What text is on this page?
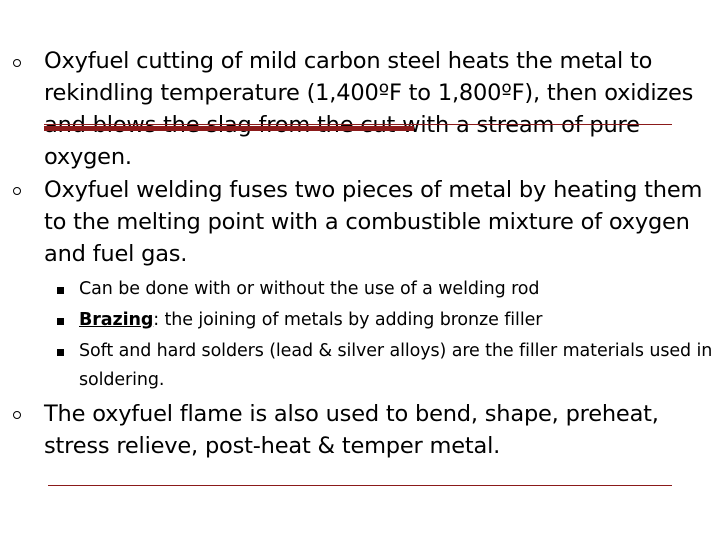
Oxyfuel cutting of mild carbon steel heats the metal to rekindling temperature (1,400ºF to 1,800ºF), then oxidizes and blows the slag from the cut with a stream of pure oxygen.
Oxyfuel welding fuses two pieces of metal by heating them to the melting point with a combustible mixture of oxygen and fuel gas.
Can be done with or without the use of a welding rod
Brazing: the joining of metals by adding bronze filler
Soft and hard solders (lead & silver alloys) are the filler materials used in soldering.
The oxyfuel flame is also used to bend, shape, preheat, stress relieve, post-heat & temper metal.
